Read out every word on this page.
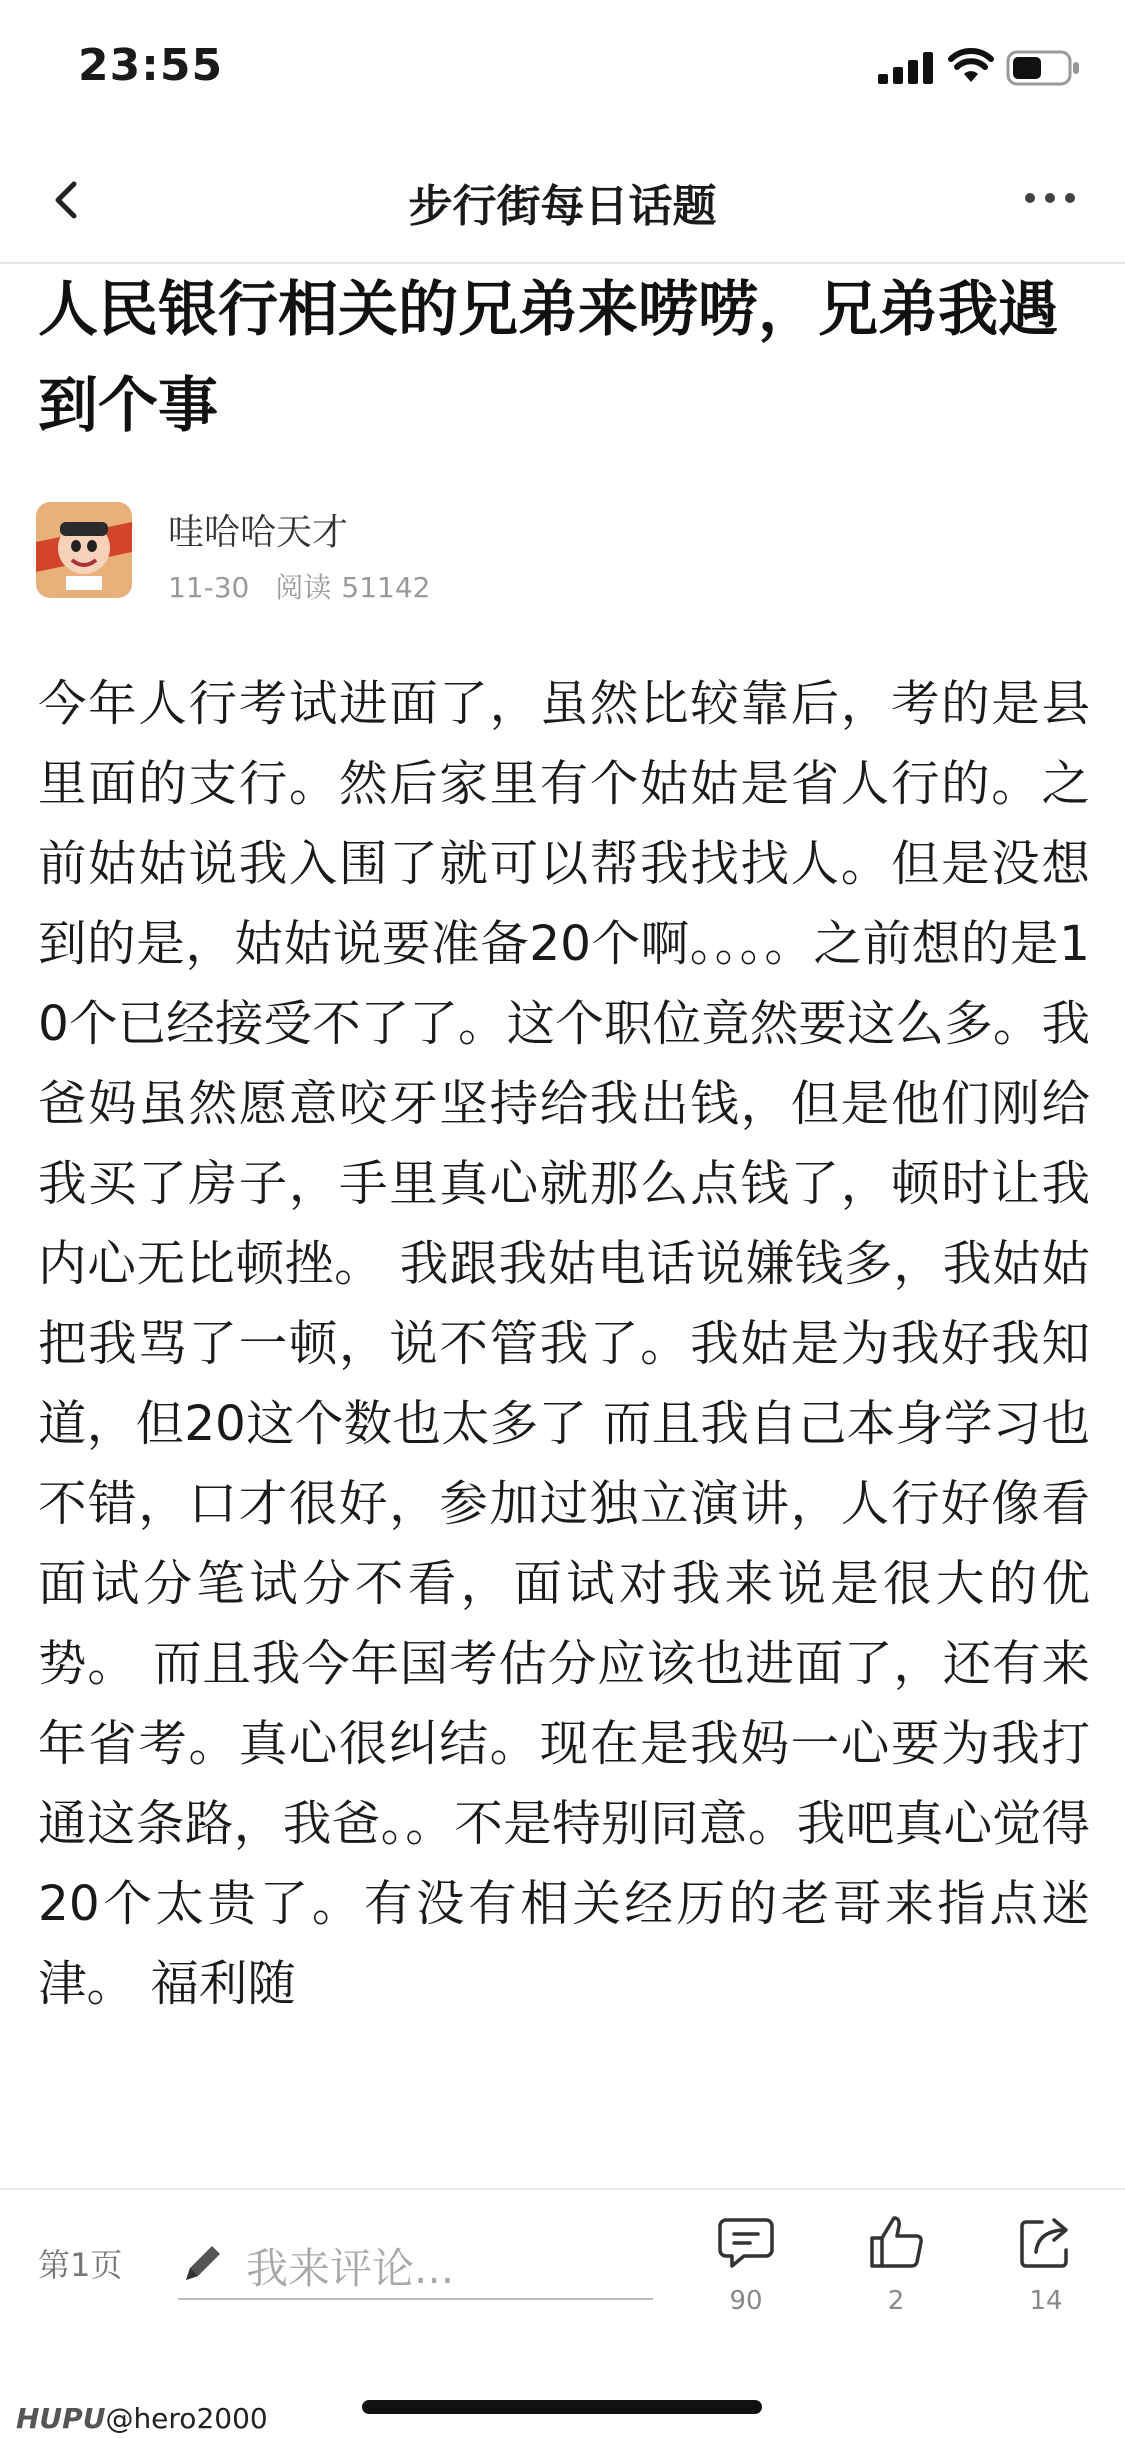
23:55
步行街每日话题
人民银行相关的兄弟来唠唠，兄弟我遇到个事
哇哈哈天才
11-30 阅读 51142
今年人行考试进面了，虽然比较靠后，考的是县里面的支行。然后家里有个姑姑是省人行的。之前姑姑说我入围了就可以帮我找找人。但是没想到的是，姑姑说要准备20个啊。。。。之前想的是10个已经接受不了了。这个职位竟然要这么多。我爸妈虽然愿意咬牙坚持给我出钱，但是他们刚给我买了房子，手里真心就那么点钱了，顿时让我内心无比顿挫。 我跟我姑电话说嫌钱多，我姑姑把我骂了一顿，说不管我了。我姑是为我好我知道，但20这个数也太多了 而且我自己本身学习也不错，口才很好，参加过独立演讲，人行好像看面试分笔试分不看，面试对我来说是很大的优势。 而且我今年国考估分应该也进面了，还有来年省考。真心很纠结。现在是我妈一心要为我打通这条路，我爸。。不是特别同意。我吧真心觉得20个太贵了。有没有相关经历的老哥来指点迷津。 福利随
第1页	我来评论...
90	2	14
HUPU@hero2000
